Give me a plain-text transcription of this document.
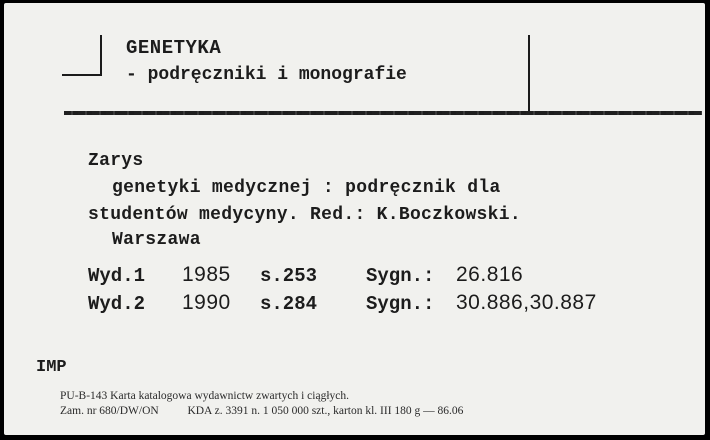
GENETYKA
- podręczniki i monografie
Zarys
genetyki medycznej : podręcznik dla
studentów medycyny. Red.: K.Boczkowski.
Warszawa
Wyd.1 1985 s.253	Sygn.: 26.816
Wyd.2 1990 s.284	Sygn.: 30.886,30.887
IMP
PU-B-143 Karta katalogowa wydawnictw zwartych i ciągłych.
Zam. nr 680/DW/ON          KDA z. 3391 n. 1 050 000 szt., karton kl. III 180 g — 86.06
